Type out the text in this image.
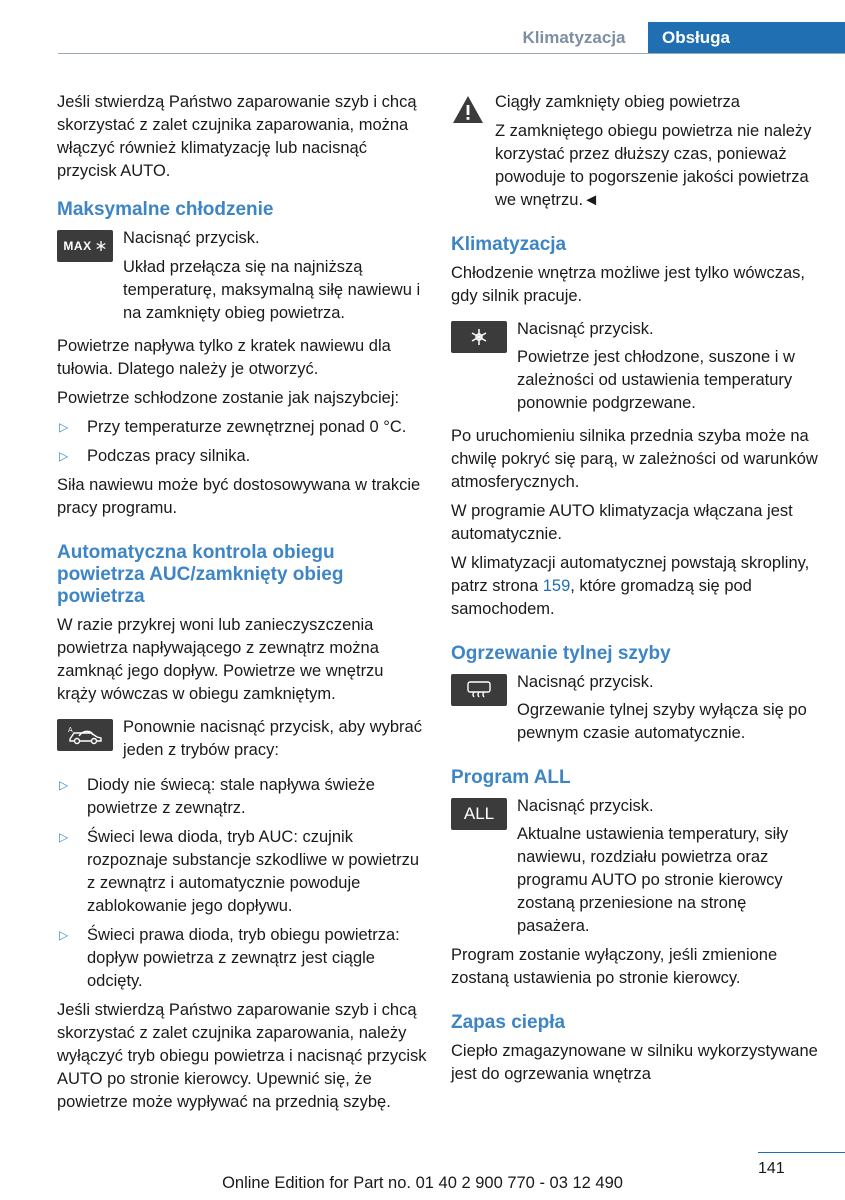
Klimatyzacja	Obsługa

Jeśli stwierdzą Państwo zaparowanie szyb i chcą skorzystać z zalet czujnika zaparowania, można włączyć również klimatyzację lub nacisnąć przycisk AUTO.

Maksymalne chłodzenie
MAX Nacisnąć przycisk.

Układ przełącza się na najniższą temperaturę, maksymalną siłę nawiewu i na zamknięty obieg powietrza.

Powietrze napływa tylko z kratek nawiewu dla tułowia. Dlatego należy je otworzyć.

Powietrze schłodzone zostanie jak najszybciej:

▷ Przy temperaturze zewnętrznej ponad 0 °C.
▷ Podczas pracy silnika.

Siła nawiewu może być dostosowywana w trakcie pracy programu.

Automatyczna kontrola obiegu powietrza AUC/zamknięty obieg powietrza

W razie przykrej woni lub zanieczyszczenia powietrza napływającego z zewnątrz można zamknąć jego dopływ. Powietrze we wnętrzu krąży wówczas w obiegu zamkniętym.

A	Ponownie nacisnąć przycisk, aby wybrać jeden z trybów pracy:

▷ Diody nie świecą: stale napływa świeże powietrze z zewnątrz.
▷ Świeci lewa dioda, tryb AUC: czujnik rozpoznaje substancje szkodliwe w powietrzu z zewnątrz i automatycznie powoduje zablokowanie jego dopływu.
▷ Świeci prawa dioda, tryb obiegu powietrza: dopływ powietrza z zewnątrz jest ciągle odcięty.

Jeśli stwierdzą Państwo zaparowanie szyb i chcą skorzystać z zalet czujnika zaparowania, należy wyłączyć tryb obiegu powietrza i nacisnąć przycisk AUTO po stronie kierowcy. Upewnić się, że powietrze może wypływać na przednią szybę.

Ciągły zamknięty obieg powietrza

Z zamkniętego obiegu powietrza nie należy korzystać przez dłuższy czas, ponieważ powoduje to pogorszenie jakości powietrza we wnętrzu.◄

Klimatyzacja

Chłodzenie wnętrza możliwe jest tylko wówczas, gdy silnik pracuje.

Nacisnąć przycisk.

Powietrze jest chłodzone, suszone i w zależności od ustawienia temperatury ponownie podgrzewane.

Po uruchomieniu silnika przednia szyba może na chwilę pokryć się parą, w zależności od warunków atmosferycznych.

W programie AUTO klimatyzacja włączana jest automatycznie.

W klimatyzacji automatycznej powstają skropliny, patrz strona 159, które gromadzą się pod samochodem.

Ogrzewanie tylnej szyby

Nacisnąć przycisk.

Ogrzewanie tylnej szyby wyłącza się po pewnym czasie automatycznie.

Program ALL
ALL Nacisnąć przycisk.

Aktualne ustawienia temperatury, siły nawiewu, rozdziału powietrza oraz programu AUTO po stronie kierowcy zostaną przeniesione na stronę pasażera.

Program zostanie wyłączony, jeśli zmienione zostaną ustawienia po stronie kierowcy.

Zapas ciepła

Ciepło zmagazynowane w silniku wykorzystywane jest do ogrzewania wnętrza

141
Online Edition for Part no. 01 40 2 900 770 - 03 12 490
